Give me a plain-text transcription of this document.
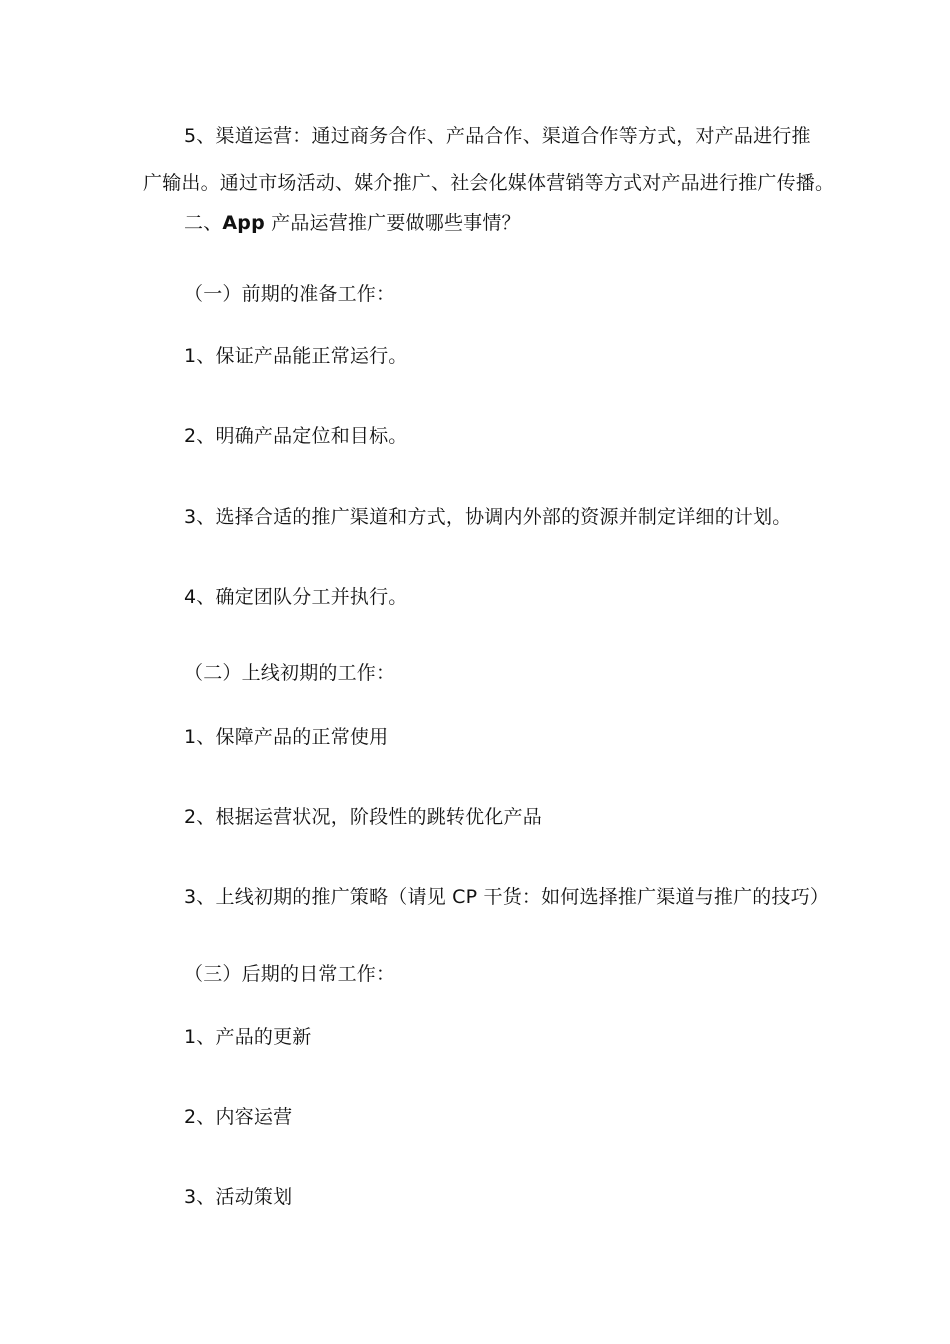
5、渠道运营：通过商务合作、产品合作、渠道合作等方式，对产品进行推
广输出。通过市场活动、媒介推广、社会化媒体营销等方式对产品进行推广传播。
二、App 产品运营推广要做哪些事情？
（一）前期的准备工作：
1、保证产品能正常运行。
2、明确产品定位和目标。
3、选择合适的推广渠道和方式，协调内外部的资源并制定详细的计划。
4、确定团队分工并执行。
（二）上线初期的工作：
1、保障产品的正常使用
2、根据运营状况，阶段性的跳转优化产品
3、上线初期的推广策略（请见 CP 干货：如何选择推广渠道与推广的技巧）
（三）后期的日常工作：
1、产品的更新
2、内容运营
3、活动策划
